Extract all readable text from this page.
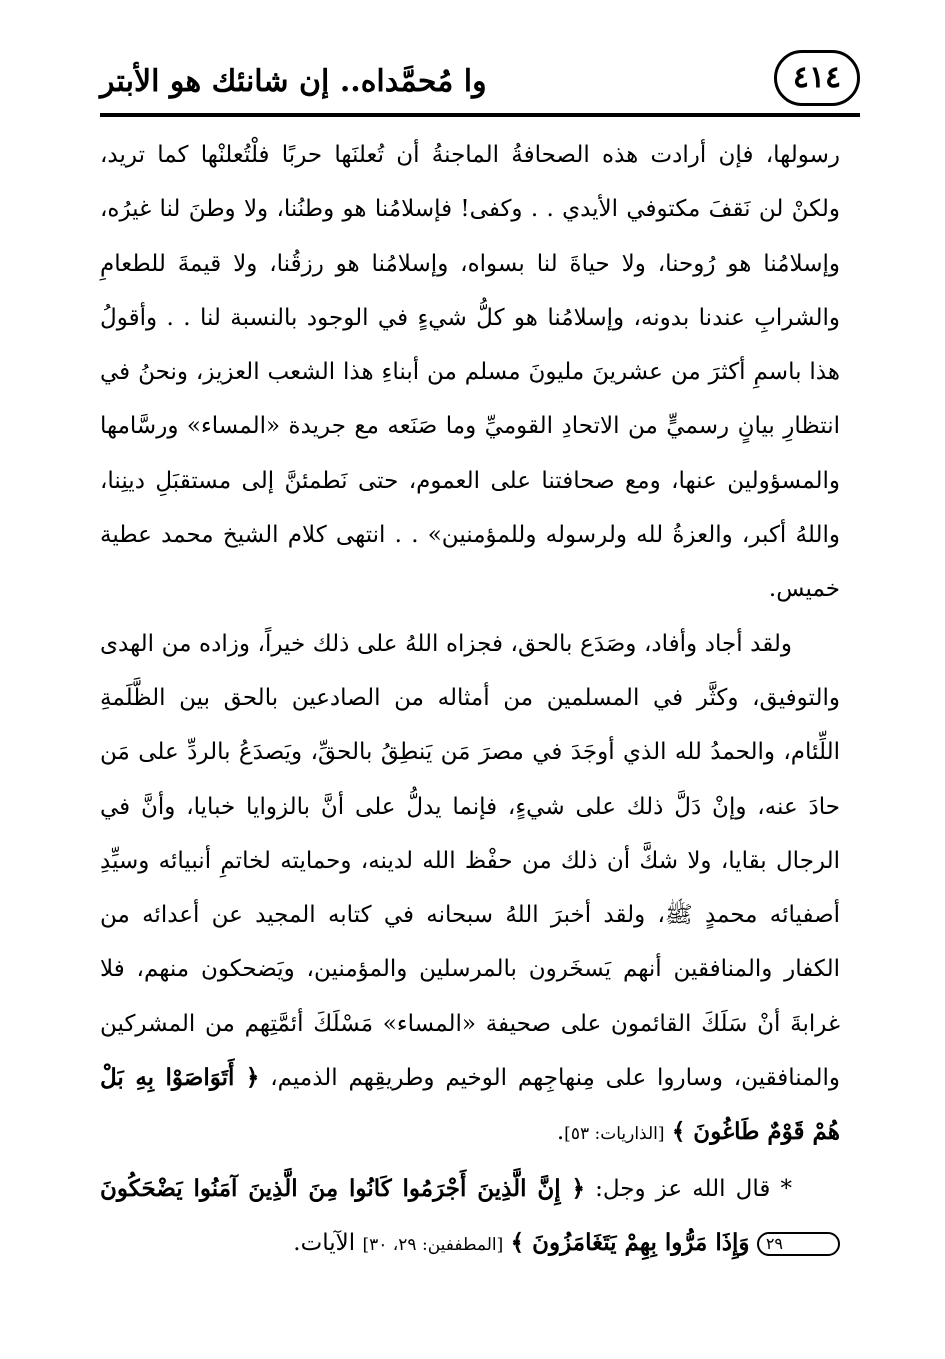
وا مُحمَّداه.. إن شانئك هو الأبتر	٤١٤

رسولها، فإن أرادت هذه الصحافةُ الماجنةُ أن تُعلنَها حربًا فلْتُعلنْها كما تريد، ولكنْ لن نَقفَ مكتوفي الأيدي . . وكفى! فإسلامُنا هو وطنُنا، ولا وطنَ لنا غيرُه، وإسلامُنا هو رُوحنا، ولا حياةَ لنا بسواه، وإسلامُنا هو رزقُنا، ولا قيمةَ للطعامِ والشرابِ عندنا بدونه، وإسلامُنا هو كلُّ شيءٍ في الوجود بالنسبة لنا . . وأقولُ هذا باسمِ أكثرَ من عشرينَ مليونَ مسلم من أبناءِ هذا الشعب العزيز، ونحنُ في انتظارِ بيانٍ رسميٍّ من الاتحادِ القوميِّ وما صَنَعه مع جريدة «المساء» ورسَّامها والمسؤولين عنها، ومع صحافتنا على العموم، حتى نَطمئنَّ إلى مستقبَلِ دينِنا، واللهُ أكبر، والعزةُ لله ولرسوله وللمؤمنين» . . انتهى كلام الشيخ محمد عطية خميس.

ولقد أجاد وأفاد، وصَدَع بالحق، فجزاه اللهُ على ذلك خيراً، وزاده من الهدى والتوفيق، وكثَّر في المسلمين من أمثاله من الصادعين بالحق بين الظَّلَمةِ اللِّئام، والحمدُ لله الذي أوجَدَ في مصرَ مَن يَنطِقُ بالحقِّ، ويَصدَعُ بالردِّ على مَن حادَ عنه، وإنْ دَلَّ ذلك على شيءٍ، فإنما يدلُّ على أنَّ بالزوايا خبايا، وأنَّ في الرجال بقايا، ولا شكَّ أن ذلك من حفْظ الله لدينه، وحمايته لخاتمِ أنبيائه وسيِّدِ أصفيائه محمدٍ ﷺ، ولقد أخبرَ اللهُ سبحانه في كتابه المجيد عن أعدائه من الكفار والمنافقين أنهم يَسخَرون بالمرسلين والمؤمنين، ويَضحكون منهم، فلا غرابةَ أنْ سَلَكَ القائمون على صحيفة «المساء» مَسْلَكَ أئمَّتِهم من المشركين والمنافقين، وساروا على مِنهاجِهم الوخيم وطريقِهم الذميم، ﴿ أَتَوَاصَوْا بِهِ بَلْ هُمْ قَوْمٌ طَاغُونَ ﴾ [الذاريات: ٥٣].

* قال الله عز وجل: ﴿ إِنَّ الَّذِينَ أَجْرَمُوا كَانُوا مِنَ الَّذِينَ آمَنُوا يَضْحَكُونَ ٢٩ وَإِذَا مَرُّوا بِهِمْ يَتَغَامَزُونَ ﴾ [المطففين: ٢٩، ٣٠] الآيات.
